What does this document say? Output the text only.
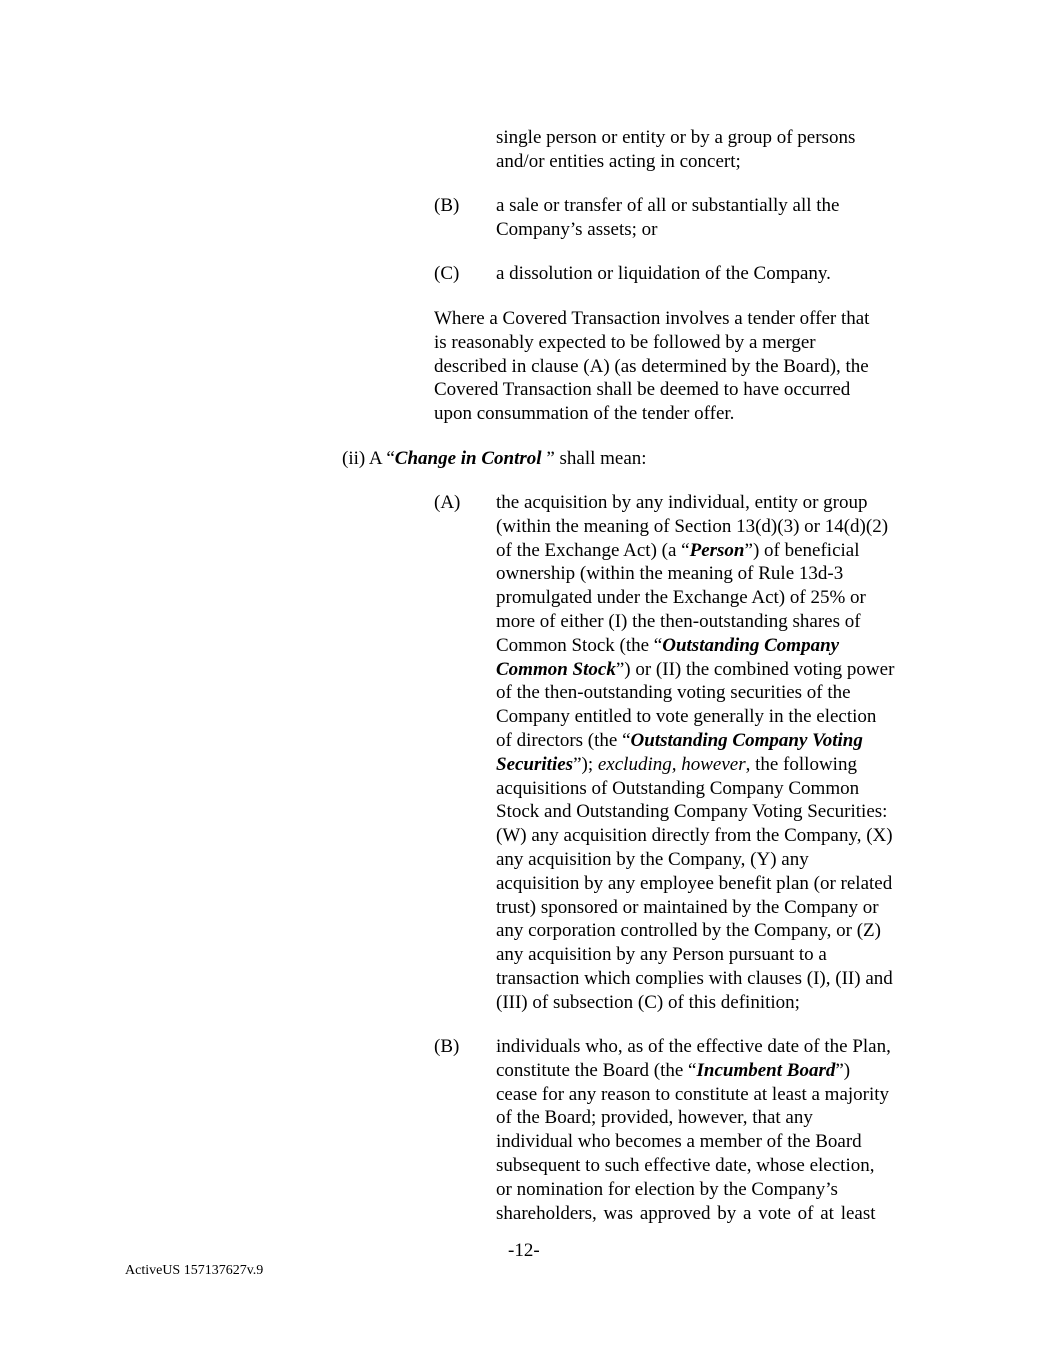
single person or entity or by a group of persons
and/or entities acting in concert;
(B) a sale or transfer of all or substantially all the
Company’s assets; or
(C) a dissolution or liquidation of the Company.
Where a Covered Transaction involves a tender offer that
is reasonably expected to be followed by a merger
described in clause (A) (as determined by the Board), the
Covered Transaction shall be deemed to have occurred
upon consummation of the tender offer.
(ii) A “Change in Control ” shall mean:
(A) the acquisition by any individual, entity or group
(within the meaning of Section 13(d)(3) or 14(d)(2)
of the Exchange Act) (a “Person”) of beneficial
ownership (within the meaning of Rule 13d-3
promulgated under the Exchange Act) of 25% or
more of either (I) the then-outstanding shares of
Common Stock (the “Outstanding Company
Common Stock”) or (II) the combined voting power
of the then-outstanding voting securities of the
Company entitled to vote generally in the election
of directors (the “Outstanding Company Voting
Securities”); excluding, however, the following
acquisitions of Outstanding Company Common
Stock and Outstanding Company Voting Securities:
(W) any acquisition directly from the Company, (X)
any acquisition by the Company, (Y) any
acquisition by any employee benefit plan (or related
trust) sponsored or maintained by the Company or
any corporation controlled by the Company, or (Z)
any acquisition by any Person pursuant to a
transaction which complies with clauses (I), (II) and
(III) of subsection (C) of this definition;
(B) individuals who, as of the effective date of the Plan,
constitute the Board (the “Incumbent Board”)
cease for any reason to constitute at least a majority
of the Board; provided, however, that any
individual who becomes a member of the Board
subsequent to such effective date, whose election,
or nomination for election by the Company’s
shareholders, was approved by a vote of at least
-12-
ActiveUS 157137627v.9
